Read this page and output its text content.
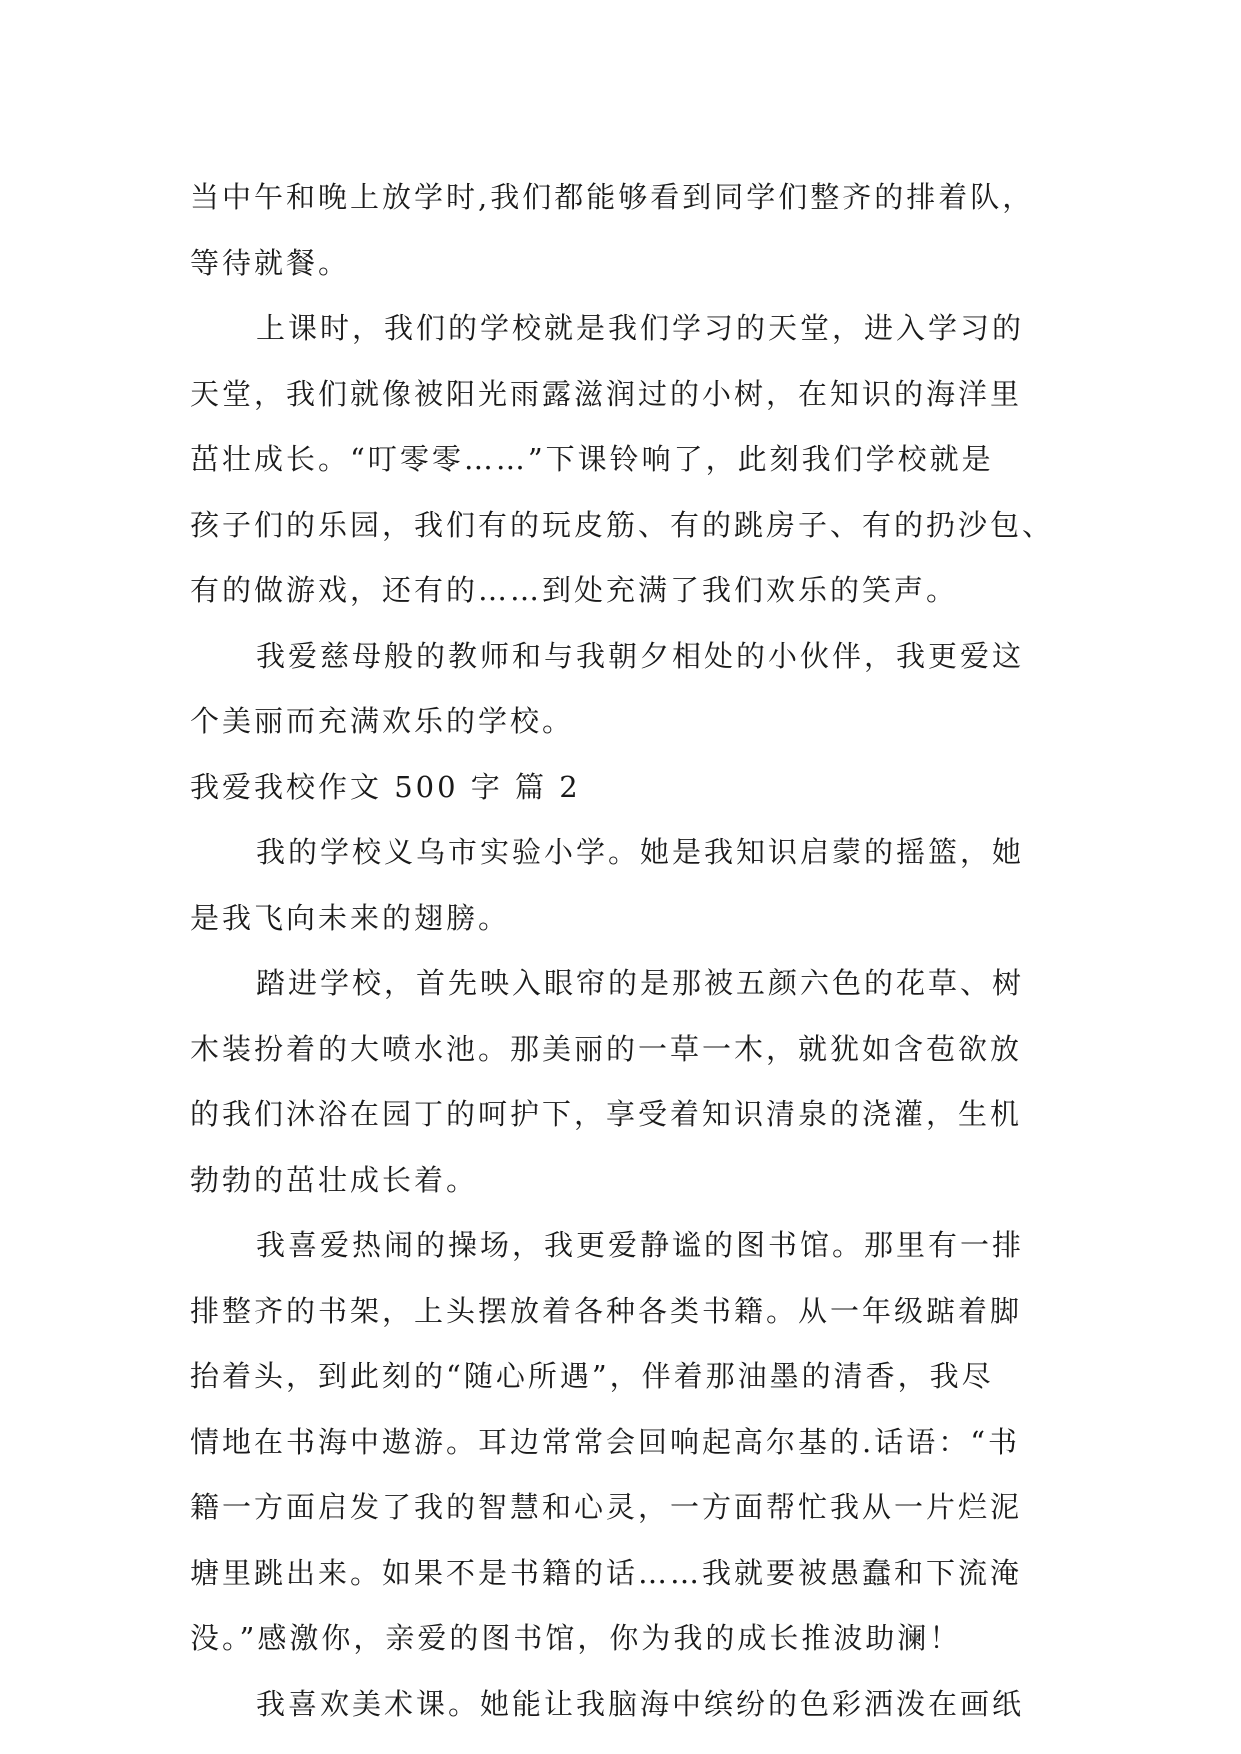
当中午和晚上放学时,我们都能够看到同学们整齐的排着队，
等待就餐。
上课时，我们的学校就是我们学习的天堂，进入学习的
天堂，我们就像被阳光雨露滋润过的小树，在知识的海洋里
茁壮成长。“叮零零……”下课铃响了，此刻我们学校就是
孩子们的乐园，我们有的玩皮筋、有的跳房子、有的扔沙包、
有的做游戏，还有的……到处充满了我们欢乐的笑声。
我爱慈母般的教师和与我朝夕相处的小伙伴，我更爱这
个美丽而充满欢乐的学校。
我爱我校作文 500 字 篇 2
我的学校义乌市实验小学。她是我知识启蒙的摇篮，她
是我飞向未来的翅膀。
踏进学校，首先映入眼帘的是那被五颜六色的花草、树
木装扮着的大喷水池。那美丽的一草一木，就犹如含苞欲放
的我们沐浴在园丁的呵护下，享受着知识清泉的浇灌，生机
勃勃的茁壮成长着。
我喜爱热闹的操场，我更爱静谧的图书馆。那里有一排
排整齐的书架，上头摆放着各种各类书籍。从一年级踮着脚
抬着头，到此刻的“随心所遇”，伴着那油墨的清香，我尽
情地在书海中遨游。耳边常常会回响起高尔基的.话语：“书
籍一方面启发了我的智慧和心灵，一方面帮忙我从一片烂泥
塘里跳出来。如果不是书籍的话……我就要被愚蠢和下流淹
没。”感激你，亲爱的图书馆，你为我的成长推波助澜！
我喜欢美术课。她能让我脑海中缤纷的色彩洒泼在画纸
